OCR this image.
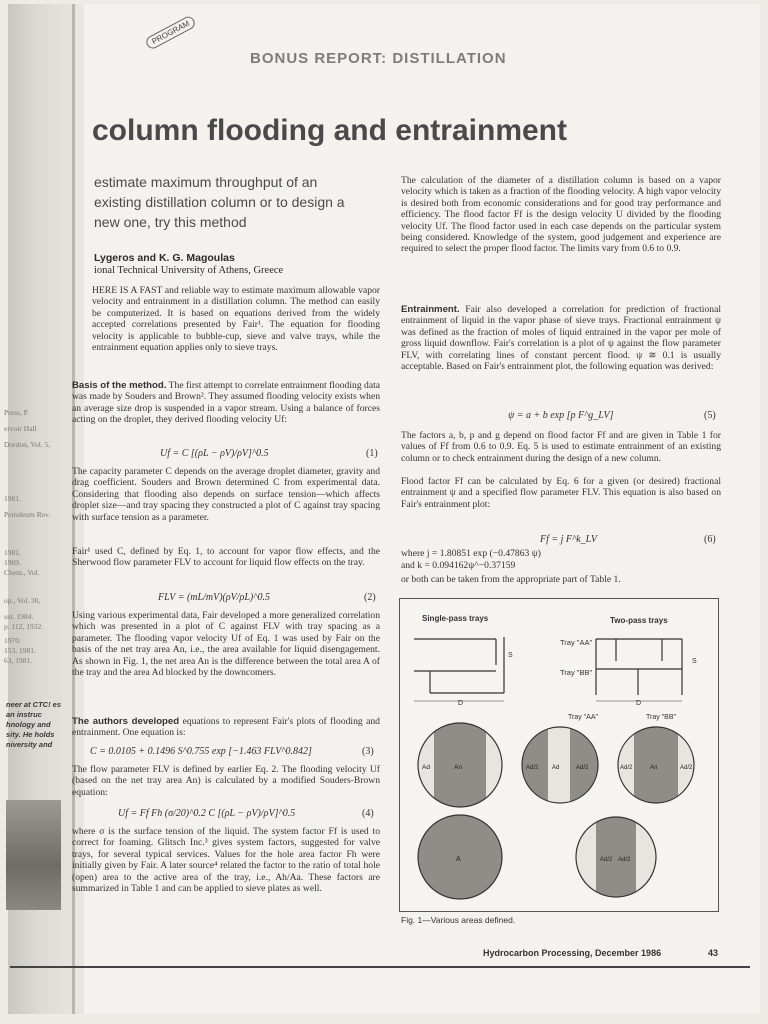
Press, P.
ervoir Hall
Dordon, Vol. 5,
1981.
Petroleum Rev.
1981.
1969.
Chem., Vol.
op., Vol. 30,
ust. 1984.
p. 112, 1932.
1970.
153, 1981.
63, 1981.
neer at CTC! es an instruc hnology and sity. He holds niversity and
PROGRAM
BONUS REPORT: DISTILLATION
column flooding and entrainment
estimate maximum throughput of an existing distillation column or to design a new one, try this method
Lygeros and K. G. Magoulas
ional Technical University of Athens, Greece
HERE IS A FAST and reliable way to estimate maximum allowable vapor velocity and entrainment in a distillation column. The method can easily be computerized. It is based on equations derived from the widely accepted correlations presented by Fair¹. The equation for flooding velocity is applicable to bubble-cup, sieve and valve trays, while the entrainment equation applies only to sieve trays.
Basis of the method. The first attempt to correlate entrainment flooding data was made by Souders and Brown². They assumed flooding velocity exists when an average size drop is suspended in a vapor stream. Using a balance of forces acting on the droplet, they derived flooding velocity Uf:
Uf = C [(ρL − ρV)/ρV]^0.5	(1)
The capacity parameter C depends on the average droplet diameter, gravity and drag coefficient. Souders and Brown determined C from experimental data. Considering that flooding also depends on surface tension—which affects droplet size—and tray spacing they constructed a plot of C against tray spacing with surface tension as a parameter.
Fair¹ used C, defined by Eq. 1, to account for vapor flow effects, and the Sherwood flow parameter FLV to account for liquid flow effects on the tray.
FLV = (mL/mV)(ρV/ρL)^0.5	(2)
Using various experimental data, Fair developed a more generalized correlation which was presented in a plot of C against FLV with tray spacing as a parameter. The flooding vapor velocity Uf of Eq. 1 was used by Fair on the basis of the net tray area An, i.e., the area available for liquid disengagement. As shown in Fig. 1, the net area An is the difference between the total area A of the tray and the area Ad blocked by the downcomers.
The authors developed equations to represent Fair's plots of flooding and entrainment. One equation is:
C = 0.0105 + 0.1496 S^0.755 exp [−1.463 FLV^0.842]	(3)
The flow parameter FLV is defined by earlier Eq. 2. The flooding velocity Uf (based on the net tray area An) is calculated by a modified Souders-Brown equation:
Uf = Ff Fh (σ/20)^0.2 C [(ρL − ρV)/ρV]^0.5	(4)
where σ is the surface tension of the liquid. The system factor Ff is used to correct for foaming. Glitsch Inc.³ gives system factors, suggested for valve trays, for several typical services. Values for the hole area factor Fh were initially given by Fair. A later source⁴ related the factor to the ratio of total hole (open) area to the active area of the tray, i.e., Ah/Aa. These factors are summarized in Table 1 and can be applied to sieve plates as well.
The calculation of the diameter of a distillation column is based on a vapor velocity which is taken as a fraction of the flooding velocity. A high vapor velocity is desired both from economic considerations and for good tray performance and efficiency. The flood factor Ff is the design velocity U divided by the flooding velocity Uf. The flood factor used in each case depends on the particular system being considered. Knowledge of the system, good judgement and experience are required to select the proper flood factor. The limits vary from 0.6 to 0.9.
Entrainment. Fair also developed a correlation for prediction of fractional entrainment of liquid in the vapor phase of sieve trays. Fractional entrainment ψ was defined as the fraction of moles of liquid entrained in the vapor per mole of gross liquid downflow. Fair's correlation is a plot of ψ against the flow parameter FLV, with correlating lines of constant percent flood. ψ ≅ 0.1 is usually acceptable. Based on Fair's entrainment plot, the following equation was derived:
ψ = a + b exp [p F^g_LV]	(5)
The factors a, b, p and g depend on flood factor Ff and are given in Table 1 for values of Ff from 0.6 to 0.9. Eq. 5 is used to estimate entrainment of an existing column or to check entrainment during the design of a new column.
Flood factor Ff can be calculated by Eq. 6 for a given (or desired) fractional entrainment ψ and a specified flow parameter FLV. This equation is also based on Fair's entrainment plot:
Ff = j F^k_LV	(6)
where j = 1.80851 exp (−0.47863 ψ)
and k = 0.094162ψ^−0.37159
or both can be taken from the appropriate part of Table 1.
Single-pass trays	Two-pass trays
S
D
Tray "AA"
Tray "BB"
S
D
Tray "AA"	Tray "BB"
Ad	An	Ad/2 Ad	Ad/2	Ad/2	An	Ad/2
A	Ad/2 Ad/2
Fig. 1—Various areas defined.
Hydrocarbon Processing, December 1986	43
